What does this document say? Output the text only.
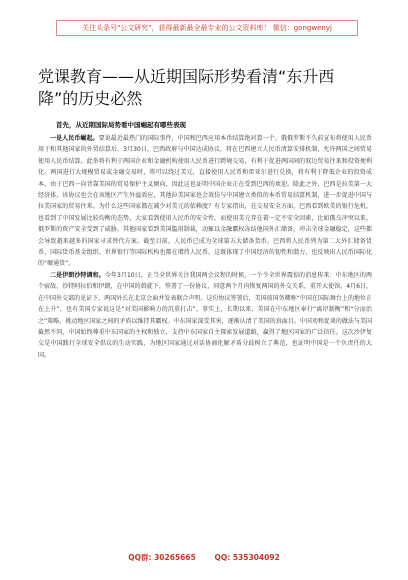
关注头条号"公文研究"，获得最新最全最专业的公文资料库！ 微信：gongwenyj
党课教育——从近期国际形势看清“东升西降”的历史必然
首先，从近期国际局势看中国崛起有哪些表现

一是人民币崛起。要说最近最热门的国际事件，中国和巴西应用本币结算绝对算一个。俄俄罗斯不久前宣布将使用人民币用于和其他国家的外贸结算后，3月30日，巴西政府与中国达成协议，将在巴西建立人民币清算安排机制，允许两国之间贸易使用人民币结算。此举将有利于两国企业和金融机构使用人民币进行跨境交易，有利于促进两国间的双边贸易往来和投资便利化。两国进行大规模贸易或金融交易时，将可以绕过美元，直接使用人民币和雷亚尔进行兑换，将有利于降低企业的投资成本。由于巴西一向背靠美国的贸易保护主义倾向，因此这也证明中国企业正在受到巴西的欢迎。除此之外，巴西是拉美第一大经济体，该协议也会在该地区产生外溢效应，其他拉美国家也会效仿与中国建立类似的本币贸易结算机制，进一步促进中国与拉美国家的贸易往来。为什么这些国家都在减少对美元的依赖度？有专家指出，在交易安全方面，巴西看到欧美的银行危机，也看到了中国发展比较均衡的态势。大家看到使用人民币的安全性，而使用美元存在着一定不安全因素，比如俄乌冲突以来，俄罗斯的资产安全受到了威胁。其他国家看到美国滥用制裁，动辄以金融霸权冻结他国外汇储备，冲击全球金融稳定，这些都会导致越来越多的国家寻求替代方案。截至目前，人民币已成为全球第五大储备货币，巴西将人民币列为第二大外汇储备货币，国际货币基金组织、世界银行等国际机构也都在增持人民币。这既体现了中国经济的韧性和潜力，也反映出人民币国际化的“硬通货”。

二是伊朗沙特调和。今年3月10日，正当全世界关注我国两会议程的时候，一个令全世界震惊的消息传来：中东地区的两个宿敌，沙特阿拉伯和伊朗，在中国的斡旋下，签署了一份协议，同意两个月内恢复两国的外交关系，重开大使馆。4月6日，在中国外交部的见证下，两国外长在北京会面并发表联合声明。这份协议签署后，美国前国务卿称“中国在国际舞台上的地位正在上升”，也有美国专家说这是“对美国影响力的沉重打击”。事实上，长期以来，美国在中东地区奉行“离岸制衡”和“分而治之”策略，挑动地区国家之间的矛盾以维持其霸权。中东国家深受其害，逐渐认清了美国的真面目。中国劝和促谈的做法与美国截然不同，中国始终尊重中东国家的主权和独立，支持中东国家自主探索发展道路，赢得了地区国家的广泛信任。这次沙伊复交是中国践行全球安全倡议的生动实践，为地区国家通过对话协商化解矛盾分歧树立了典范，也证明中国是一个负责任的大国。

QQ群: 30265665 QQ: 535304092
